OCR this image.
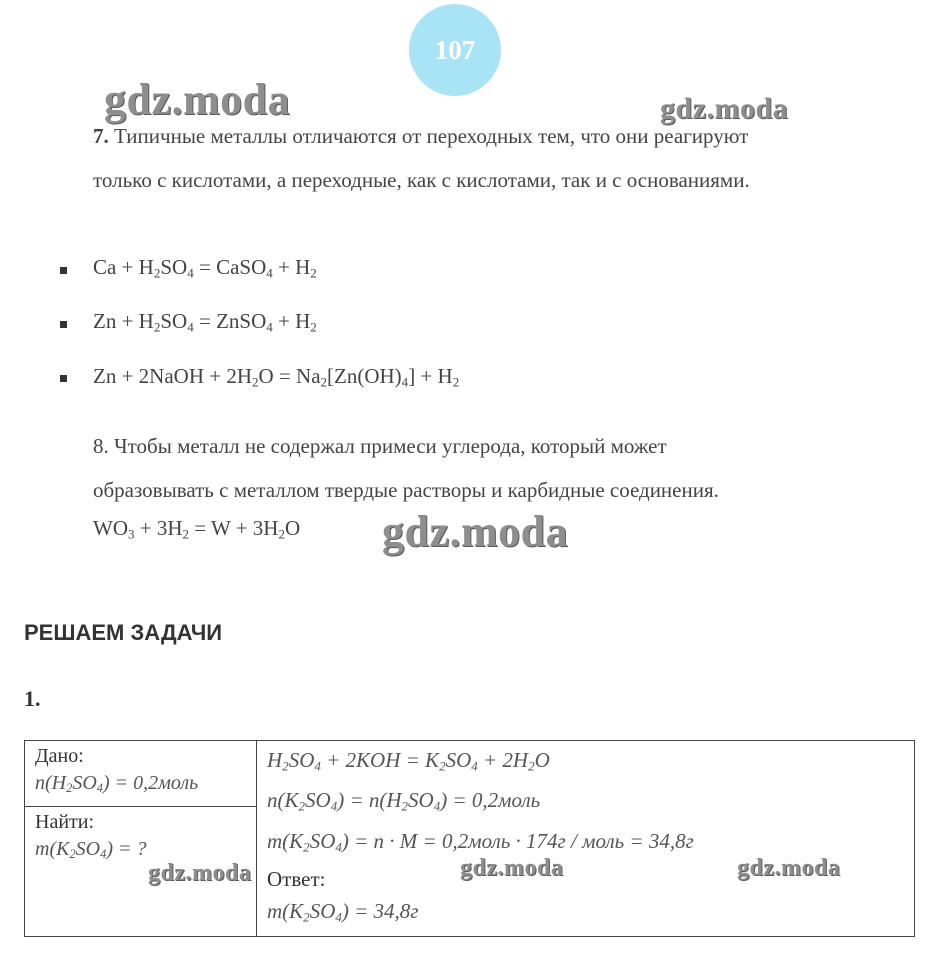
107
gdz.moda	gdz.moda
7. Типичные металлы отличаются от переходных тем, что они реагируют
только с кислотами, а переходные, как с кислотами, так и с основаниями.
$Ca + H_2SO_4$ = CaSO$_4$ + $H_2$
$Zn + H_2SO_4$ = ZnSO$_4$ + $H_2$
Zn + 2NaOH + $2H_2O = Na_2[Zn(OH)_4] + H_2$
8. Чтобы металл не содержал примеси углерода, который может
образовывать с металлом твердые растворы и карбидные соединения.
$WO_3 + 3H_2 = W + 3H_2O$ gdz.moda
РЕШАЕМ ЗАДАЧИ
1.
Дано:
$n(H_2SO_4)$ = 0,2моль

$H_2SO_4 + 2KOH = K_2SO_4 + 2H_2O$
$n(K_2SO_4) = n(H_2SO_4)$ = 0,2моль
$m(K_2SO_4) = n \cdot M$ = 0,2моль · 174г / моль = 34,8г
Ответ:
$m(K_2SO_4) = 34,8г$

Найти:
$m(K_2SO_4)$ = ?
gdz.moda	gdz.moda	gdz.moda
